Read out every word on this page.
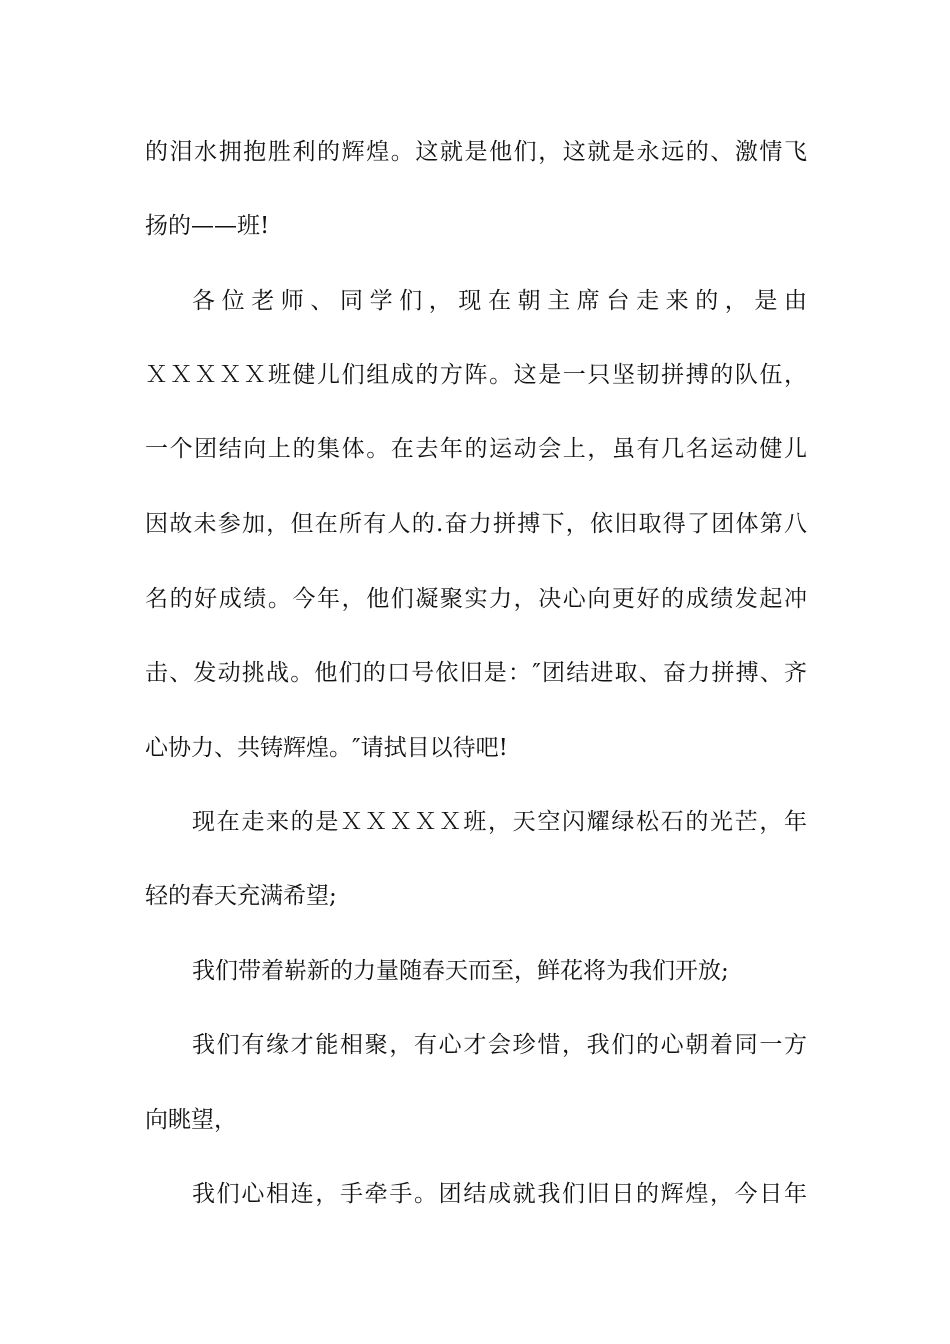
的泪水拥抱胜利的辉煌。这就是他们，这就是永远的、激情飞
扬的——班!
各位老师、同学们，现在朝主席台走来的，是由
ＸＸＸＸＸ班健儿们组成的方阵。这是一只坚韧拼搏的队伍，
一个团结向上的集体。在去年的运动会上，虽有几名运动健儿
因故未参加，但在所有人的.奋力拼搏下，依旧取得了团体第八
名的好成绩。今年，他们凝聚实力，决心向更好的成绩发起冲
击、发动挑战。他们的口号依旧是：″团结进取、奋力拼搏、齐
心协力、共铸辉煌。″请拭目以待吧!
现在走来的是ＸＸＸＸＸ班，天空闪耀绿松石的光芒，年
轻的春天充满希望;
我们带着崭新的力量随春天而至，鲜花将为我们开放;
我们有缘才能相聚，有心才会珍惜，我们的心朝着同一方
向眺望，
我们心相连，手牵手。团结成就我们旧日的辉煌，今日年
